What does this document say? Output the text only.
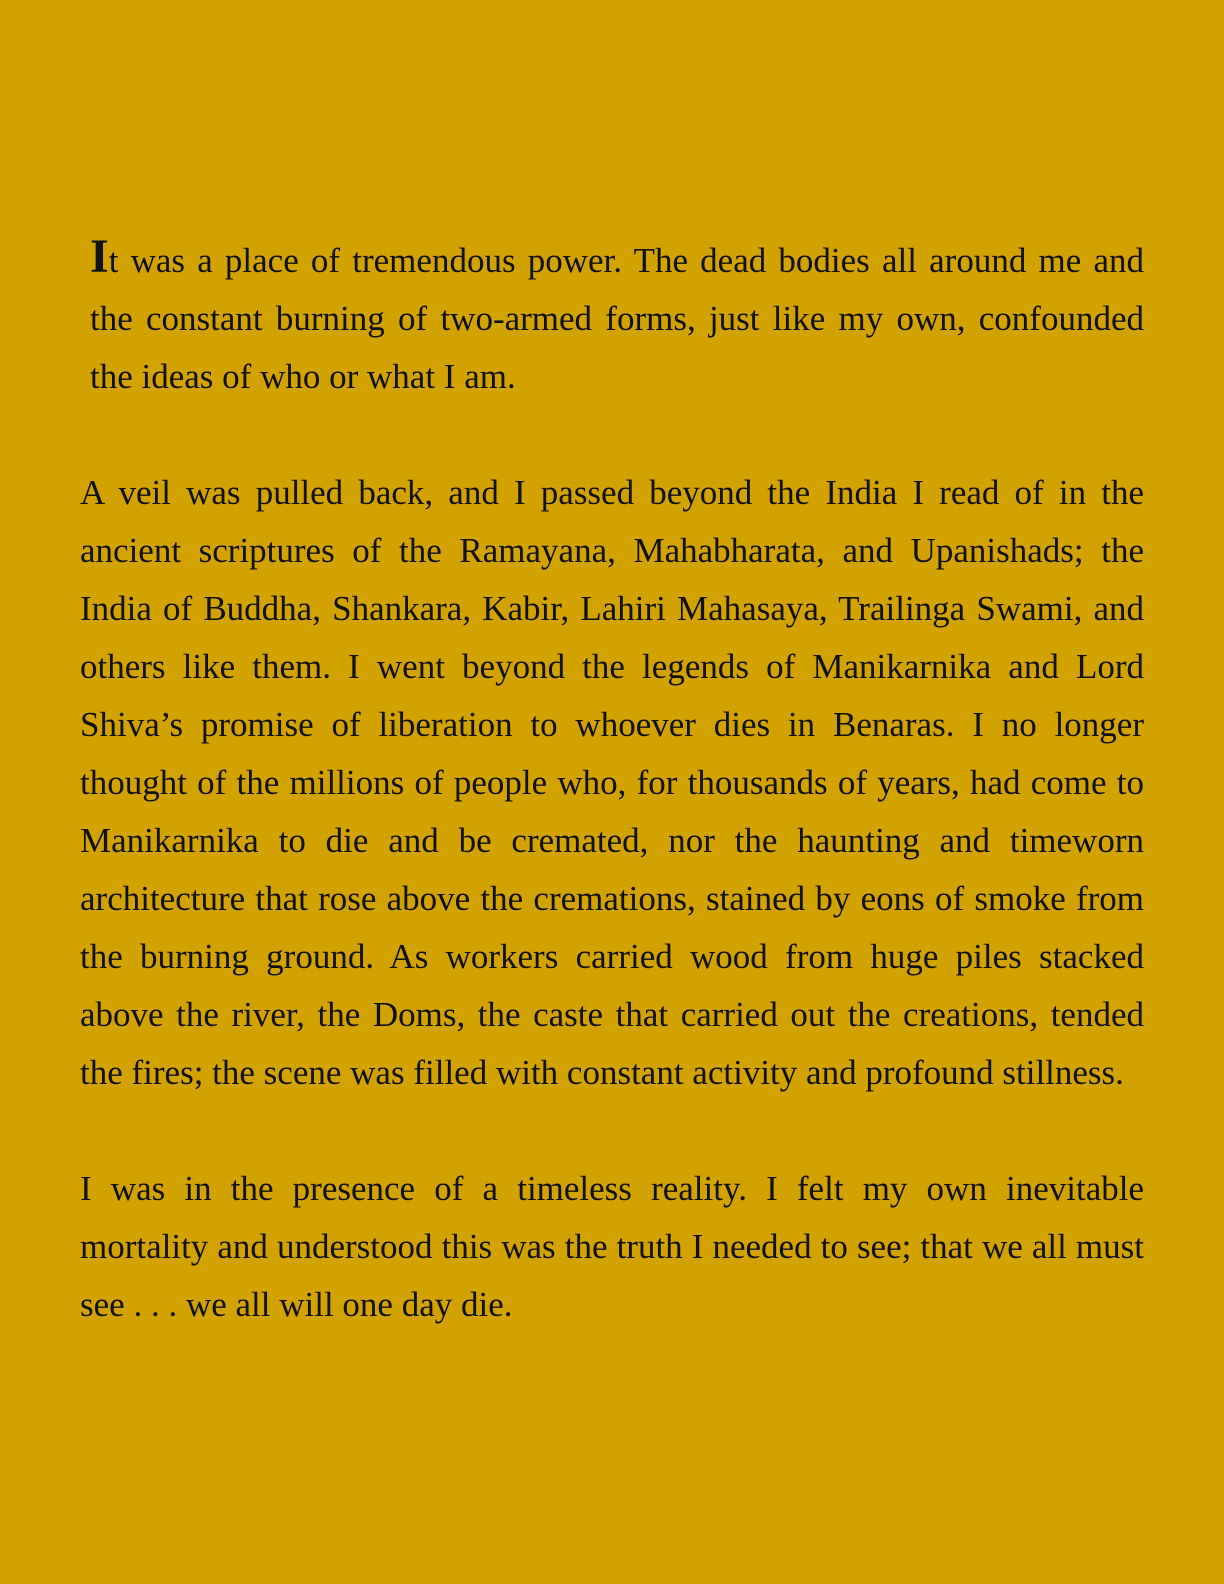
It was a place of tremendous power. The dead bodies all around me and the constant burning of two-armed forms, just like my own, confounded the ideas of who or what I am.

A veil was pulled back, and I passed beyond the India I read of in the ancient scriptures of the Ramayana, Mahabharata, and Upanishads; the India of Buddha, Shankara, Kabir, Lahiri Mahasaya, Trailinga Swami, and others like them. I went beyond the legends of Manikarnika and Lord Shiva’s promise of liberation to whoever dies in Benaras. I no longer thought of the millions of people who, for thousands of years, had come to Manikarnika to die and be cremated, nor the haunting and timeworn architecture that rose above the cremations, stained by eons of smoke from the burning ground. As workers carried wood from huge piles stacked above the river, the Doms, the caste that carried out the creations, tended the fires; the scene was filled with constant activity and profound stillness.

I was in the presence of a timeless reality. I felt my own inevitable mortality and understood this was the truth I needed to see; that we all must see . . . we all will one day die.
